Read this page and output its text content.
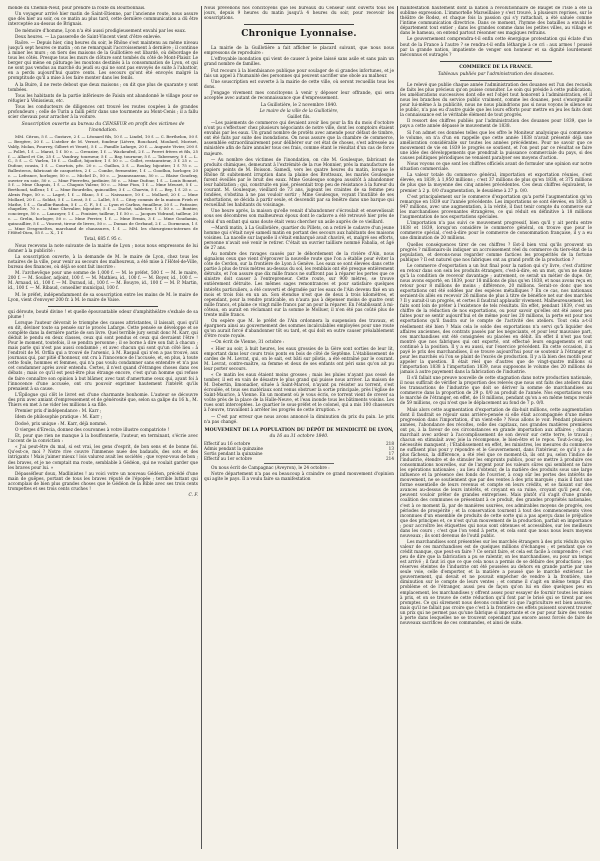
monde du Chemin-Neuf, pour prendre la route du Bourbonnais.

Un voyageur arrivé hier matin de Saint-Etienne, par l'ancienne route, nous assure que dès hier au soir, ou ce matin au plus tard, cette dernière communication a dû être interceptée au-dessus de Brignais.

De mémoire d'homme, Lyon n'a été aussi prodigieusement envahi par les eaux.

Deux heures. — La passerelle de Saint-Vincent vient d'être enlevée.

Raôre. — Depuis hier, cinq heures du soir, le Rhône s'est maintenu au même niveau jusqu'à sept heures ce matin ; on ne remarquait l'accroissement à dernière ; il continue à miner les murs ; on tiers des maisons de la Guillotière est libardé, où débordage de tous les côtés. Presque tous les murs de clôture sont tombés du côté de Mont-Plaisir. Le berger qui mène en pâturage les moutons destinés à la consommation de Lyon, et qui ne sont pas vendus au marché du jeudi ou qui ne sont pas envoyés de suite à l'abattoir, en a perdu aujourd'hui quatre cents. Les secours qu'ont été envoyés malgré la promptitude qu'il a mise à les faire monter dans les fenils.

A la Buire, il ne reste debout que deux maisons ; on dit que plus de quarante y sont tombées.

Tous les habitants de la partie inférieure de Faisin ont abandonné le village pour se réfugier à Vénissieux, etc.

Tous les conducteurs de diligences ont trouvé les routes coupées à de grandes profondeurs ; celle de Turin a failli périr dans une tourmente au Mont-Cenis ; il a fallu scier chevaux pour arracher à la voiture.

Souscription ouverte au bureau du CENSEUR en profit des victimes de l'inondation.

MM. Citron, 5 f. — Gustave, 2 f. — Léonard fils, 10 f. — Lindel, 10 f. — C. Berthelon, 50 f. — Bergère, 20 f. — L'atelier de M. Vernet, fondeur (Lièvre, Bouchard, Moulard, Moriset, Valdy, Molan, Fourrey, Gilbert et Venet), 5 f. — Famille Lafarge, 20 f. — Auguste Vivier, 200 f. — Pollet, 1 f. — Marat, 1 f. 50 c. — Greuzier, 1 f. — Wackeufed, 2 f. — Perret frères et fils, 25 f. — Allard et Cie, 25 f. — Vaudray, tourneur, 5 f. — Bay, tourneur, 5 f. — Tabernery, 5 f. — L. C., 5 f. — C. Varlen, 10 f. — Gaillot, bijoutier, 1 f. 50 c. — Collet, restaurateur, 3 f. 25 c. — Dufour, cousin, 1 f. — Courtois, pêc. 20 c. — Guillon, 2 f. — Roulay, bijoutier, 1 f. 75 c. — Ballesteros, fabricant de casquettes, 2 f. — Combe, fermentier, 1 f. — Goodluu, horloger, 20 c. — Lefrance, horloger, 50 c. — Michel D., 50 c. — Jeanneauzeau, 50 c. — Blaise Goudray, ouvrier en soie, 50 c. — Mme Pierrefeu, jardinier, 50 c. — Mme Dufour, 1 f. — Louis Bonnet, 5 f. — Mme Chapuis, 1 f. — Chapuis Valeur, 50 c. — Mme Pion, 1 f. — Mme Meuset, 5 f. — Berthoud, tailleur, 1 f. — Mme Bourdelin, quincailler, 3 f. — Charvin, 5 f. — Bey, 1 f. 25 c. — Alexis Pape, 50 c. — Lagré, 1 f. — Blanc, 5 f. — Naissance, 10 f. — Mollard, 20 f. — Mme Mollard, 20 f. — Soldat, 5 f. — Lecat, 5 f. — Lallet, 5 f. — Citoy commis de la maison Frieh et Mathe, 1 f. — Gaullin-Baudon, 5 f. — C. F., 5 f. — Lyon et Carlins, émailleur, 20 f. — Patissier, chapelier, 70 c. — Mme Chevalier, bijoutier, 5 f. — Duché, tabletier, 1 f. 50 c. — Boxtier, concierge, 50 c. — Lanzoyer, 1 f. — Pouisier, tailleur, 1 f. 50 c. — Jacques Vidrand, tailleur, 20 c. — Grelin, horloger, 50 c. — Mme Perrier, 1 f. — Mme Ermin, 3 f. — Mme Goudamin, quincaillier, 5 f. — Vincent, tireur de livres, 50 c. — Dumas de Gerbaud, 2 f. — Dormeaux, 1 f. — Mme Desgeneltes, marchand de chaussures, 1 f. — MM. les chirurgiens-internes de l'Hôtel-Dieu, 55 f. — X., 1 f.

Total, 685 f. 95 c.

Nous recevons la note suivante de la mairie de Lyon ; nous nous empressons de lui donner à la publicité :

La souscription ouverte, à la demande de M. le maire de Lyon, chez tous les notaires de la ville, pour venir au secours des malheureux, a été mise à l'Hôtel-de-Ville, bureau des finances, où déjà se sont fait inscrire :

M. l'archevêque pour une somme de 1,000 f. — M. le préfet, 500 f. — M. le maire, 200 f. — M. Soulier, adjoint, 100 f. — M. Mathieu, id., 100 f. — M. Boyer, id., 100 f. — M. Arnaud, id., 100 f. — M. Duraud, id., 100 f. — M. Bouyre, id., 100 f. — M. P. Martin, id., 100 f. — M. Ribaud, conseiller municipal, 100 f.

M. le préfet, indépendamment de sa souscription entre les mains de M. le maire de Lyon, vient d'envoyer 200 fr. à M. le maire de Vaise.

qui déroute, bouté divine ! et quelle épouvantable odeur d'amphithéâtre s'exhale de sa plume !

Lorsque l'auteur dévorait le triomphe des causes attristantes, il laissait, quoi qu'il en dit, déviner toute sa pensée sur le procès Lafarge. Cette pensée se développe et se complète dans la dernière partie de son livre. Quel terrible jury serait donc M. Karr, qui déduit le pendu en deux classes, ceux qui sont pendus et ceux qui devraient l'être ! Pour le moment, toutefois, il se pendra personne ; il se borne à dire son fait à chacun ; mais parle qui n'est pas aussi condamné ; et avec chacun qui sont qu'un côté lieu : à l'endroit de M. Orfila qui a trouvé de l'arsenic, à M. Raspail qui n'en a pas trouvé, aux journaux qui, par pitié d'honneur, ont cru à l'innocence de l'accusée, et, en plus, à toute cette foule, hommes et femmes, qui n'a pas voulu condamner sans entendre et n'a pas cet condamner après avoir entendu. Certes, il n'est quand d'étranges choses dans ces débats ; mais ce qu'il est peut-être plus étrange encore, c'est qu'un homme qui refuse de faire connaître son opinion à but blâmer, avec tant d'amertume ceux qui, ayant foi à l'innocence d'une accusée, ont cru pouvoir exprimer hautement l'intérêt qu'ils prenaient à sa cause.

L'Épilogue qui clôt le livret est d'une charmante bonhomie. L'auteur se découvre des prix avec amiant d'empressement et de générosité que, selon sa galipe du 16 h., M. Thiers en met à ne vider les millions à sa fille.

Premier prix d'indépendance : M. Karr ;

Idem de philosophie pratique : M. Karr ;

Dodoé, prix unique : M. Karr, déjà nommé.

O vierges d'Erecia, donnez des couronnes à votre illustre compatriote !

Et, pour que rien ne manque à la bouffonnerie, l'auteur, en terminant, s'écrie avec l'accent de la conviction :

« J'ai peut-être du mal, si est vrai, les gens d'esprit, de bon sens et de bonne foi. Qu'est-ce, moi ? Notre rive couvre l'immense nuée des badauds, des sots et des intrigants ! Mais j'aimer mieux ! lois valurez avait les sociétés ; que voyez-vous de bon ; des braves, et je ne comptait ma route, semblable à Gédéon, qui ne voulait garder que les braves pour lui. »

Dépasséfleur doux, Madlinistes ! au voici votre un nouveau Gédéon, précédé d'une main de guêpes, portant de tous les braves réputé de l'épopée ; terrible luttant qui accomplais de bien plus grandes choses que le Gédéon de la Bible avec ses trois cents trompettes et ses trois cents cruches !

C. F.

Nous prévenons nos concitoyens que les bureaux du Censeur sont ouverts tous les jours, depuis 9 heures du matin jusqu'à 4 heures du soir, pour recevoir les souscriptions.

Chronique Lyonnaise.

La mairie de la Guillotière a fait afficher le placard suivant, que nous nous empressons de reproduire :

L'effroyable inondation qui vient de causer à peine laissé sans asile et sans pain un grand nombre de familles.

Fut recours à la bienfaisance publique pour soulager de si grandes infortunes, et je fais un appel à l'humanité des personnes qui peuvent sacrifier une obole au malheur.

Une souscription est ouverte à la mairie de cette ville, où seront recueillis tous les dons.

J'engage vivement mes concitoyens à venir y déposer leur offrande, qui sera acceptée avec autant de reconnaissance que d'empressement.

La Guillotière, le 2 novembre 1840.

Le maire de la ville de la Guillotière,

Gaillet fils.

—Les paiements de commerce qui devaient avoir lieu pour la fin du mois d'octobre n'ont pu s'effectuer chez plusieurs négociants de notre ville, dont les comptoirs étaient envahis par les eaux. Un grand nombre de protêts avec amende pour défaut de timbre, ont été faits par suite des inondations. On nous assure que la chambre de commerce, assemblée extraordinairement pour délibérer sur cet état de choses, s'est adressée au ministère afin de faire annuler tous ces frais, comme étant le résultat d'un cas de force majeure.

— Au nombre des victimes de l'inondation, on cite M. Goulesque, fabricant de produits chimiques, demeurant à l'extrémité de la rue Monnier, près la manufacture de papiers peints de M. Boisson. Samedi, vers les quatre heures du matin, lorsque le Rhône fit subitement irruption dans la plaine des Brotteaux, les mariés Goulesque furent éveillés par le bruit des eaux. Mme Goulesque songea aussitôt à abandonner leur habitation ; qui, construite en pisé, présentait trop peu de résistance à la fureur du courant. M. Goulesque, vieillard de 73 ans, jugeant les craintes de sa femme peu fondées, s'obstina à ne pas vouloir sortir ; Mme Goulesque, voyant l'inutilité de ses exhortations, se décida à partir seule, et descendit par sa fenêtre dans une barque qui recueillait les habitants du voisinage.

Une heure après, la maison qu'elle venait d'abandonner s'écroulait et ensevelissait sous ses décombres son malheureux époux dont le cadavre a été retrouvé hier près de celui d'un enfant qui sans doute était venu chercher un asile auprès de ce vieillard.

—Mardi matin, à La Guillotière, quartier du Pillets, on a retiré le cadavre d'un jeune homme qui s'était noyé samedi matin en portant des secours aux habitants des maisons voisines. La nacelle sur laquelle il s'était embarqué avait chaviré, et, malgré ses efforts, personne n'avait osé venir le retirer. C'était un ouvrier taillisre nommé Fabalia, et âgé de 27 ans.

Au nombre des ravages causés par le débordement de la rivière d'Ain, nous signalons ceux que vient d'éprouver la nouvelle route que l'on a établie pour éviter la côte de Cerdon, sur la frontière de Lyon à Genève. Les eaux se sont élevées dans cette partie à plus de trois mètres au-dessus du sol, les remblais ont été presque entièrement détruits, et l'on assure que dix mille francs ne suffiront pas à réparer les pertes que ce sinistre doit causer à l'entrepreneur. Cette route, sur 900 mètres, se trouve entièrement détruite. Les mêmes sages remontrances et pour satisfaire quelques intérêts particuliers, a été converti et dégradée par les eaux de l'Ain devenu fixé en un mois et trois fois en un an. Son étendue n'est que de deux à trois kilomètres, et cependant, pour la rendre praticable, on n'aura pas à dépenser moins de quatre cent mille francs, et plaine ce vingt mille francs par an pour la réparer. En l'établissant à mi-côteau, on aurait en réclamant sur la somme le Molluer, il n'en été pas coûté plus de trente mille francs.

On espère que M. le préfet de l'Ain ordonnera la suspension des travaux, et épargnera ainsi au gouvernement des sommes incalculables employées pour une route qu'on aurait forcé d'abandonner tôt ou tard, et qui doit en outre causer préalablement d'être route royale.

—On écrit de Vienne, 31 octobre :

« Hier au soir, à huit heures, les eaux grossies de la Gère sont sorties de leur lit, emportant dans leur cours trois ponts en bois de côté de Septême. L'établissement de cardes de M. Levrat, qui, on le sait, est bâti sur pilotis, a été entraîné par le courant. M. Levrat, contre-maître, sa femme et deux de ses enfants ont péri sans qu'on ait pu leur porter secours.

« Ce matin les eaux étaient moins grosses ; mais les pluies n'ayant pas cessé de tomber, il est en vain de désastre le plus grand qui puisse nous arriver. La maison de M. Debertin, limonadier, située à Saint-Marcel, n'ayant pu résister au torrent, s'est écroulée, et tous ses matériaux sont venus obstruer la sortie principale, près l'église de Saint-Maurice, à Vienne. En un moment où je vous écris, ce torrent vient de crever sa voûte près de la place de la Halle-Neuve, et l'eau inonde tous les bâtiments voisins. Les rues sont interceptées. Le quartier le sous-préfet et le colonel, qui a mis 100 chasseurs à l'œuvre, travaillent à arrêter les progrès de cette irruption. »

— C'est par erreur que nous avons annoncé la diminution du prix du pain. Le prix n'a pas changé.

MOUVEMENT DE LA POPULATION DU DÉPÔT DE MENDICITÉ DE LYON,
du 16 au 31 octobre 1840.
Effectif au 16 octobre	218
Admis pendant la quinzaine	13
Sortis pendant la quinzaine	17
Effectif au 1er octobre	214

On nous écrit de Campagnac (Aveyron), le 24 octobre :

Notre département n'a pas eu beaucoup à craindre ce grand mouvement d'opinion qui agite le pays. Il a voulu faire sa manifestation

manifestation hautement dont la nation a révolutionnaire de Bauget de l'Isle a été la sublime expression. L'immortelle Marseillaise y s'est trouvé, à plusieurs reprises, sur le théâtre de Rodez, et chaque fois la passion qui s'y rattachait, a été saluée comme l'intime communication directrice. Dans ce moment, l'hymne des batailles a envahi le département tout entier ; dans les grandes comme dans les petites villes, au village et dans le hameau, on entend partout résonner ses magiques refrains.

Le gouvernement comprendra-t-il enfin cette énergique protestation qui éclate d'un bout de la France à l'autre ? se rendra-t-il enfin léthargie à ce cri : aux armes ! poussé par la grande nation, impatiente de venger son honneur et sa dignité lourdement méconnus et outragés ?

COMMERCE DE LA FRANCE.
Tableaux publiés par l'administration des douanes.

Le relevé que publie chaque année l'administration des douanes est l'un des recueils de faits les plus précieux qu'on puisse consulter. Le soin qui préside à cette publication, les améliorations successives dont elle est l'objet tout honorent à l'administration, et il nous les branches du service public vraiment, comme les douanes, peut s'enorgueillir pour lui-même à la publicité, nous ne nous plaindrions pas si nous voyons le silence ou le public, n'a pas eu d'autre guide que les lours efforts pour mettre en jeu les faits dont la connaissance est le véritable élément de tout progrès.

Il ressort des chiffres publiés par l'administration des douanes pour 1839, que le pays a cette année dépassé le mouvement de 1838.

Si l'on admet ces données telles que les offre le Moniteur analysique qui commence le volume, on n'a d'un en rappelle que cette année 1838 n'avait présenté déjà une amélioration considérable sur toutes les années précédentes. Pour ne savoir que ce mouvement de vie en 1839 le progrès se soutient, et l'on peut par ce résultat se faire une idée des développements que prendrait la puissance commerciale du pays, si des causes politiques périodiques ne venaient paralyser ses moyens d'action.

Nous voyons ce que sont les chiffres officiels avant de formuler une opinion sur notre situation commerciale.

La valeur totale du commerce général, importation et exportation réunies, s'est élevée, en 1839, à 1,950 millions ; c'est 37 millions de plus qu'en 1838, et 375 millions de plus que la moyenne des cinq années précédentes. Ces deux chiffres équivalent, le premier à 2 p. 0/0 d'augmentation, le deuxième à 27 p. 0/0.

C'est principalement sur le commerce d'exportation qu'a porté l'augmentation qu'on remarque en 1839 sur l'année précédente. Les importations se sont élevées, en 1839, à 947 millions, avec une augmentation, à la vérité, il faut tenir compte du commerce sur les marchandises provenantes étrangères, ce qui réduit en définitive à 18 millions l'augmentation de nos exportations spéciales.

L'importation n'a pas suivi ce mouvement progressif, bien qu'il y ait perdu entre 1838 et 1839, lorsqu'on considère le commerce général, on trouve que pour le commerce spécial, c'est-à-dire pour le commerce de consommation française, il y a eu une diminution de 20 millions.

Quelles conséquences tirer de ces chiffres ? Est-il bien vrai qu'ils prouvent un progrès ? millionairs-ils indiquer un accroissement réel du commerce du tiers-état de la population, et devons-nous regarder comme factices les prospérités de la fortune publique ? Il est naturel que nos fabriques ont au grand profit de la production ?

Le commerce d'exportation a un but final pour la nation qui s'y livre, c'est d'attirer en retour dans son sein les produits étrangers, c'est-à-dire, en un mot, qu'on ne donne qu'à la condition de recevoir davantage ; autrement, ce serait un métier de dupe. Or, nous avons exporté, en 1839, pour 18 millions de plus qu'en 1838, et nous avons reçu en retour pour 8 millions de moins ; différence, 20 millions. Serait-ce donc que nos exportations ont été soldées par des espèces métalliques ? En ce cas, nos nationaux seraient-ils allés en recevoir 26 millions de plus à titre de bénéfice net sur des marchés ? Il y aurait-il un progrès, et certes il faudrait applaudir vivement. Malheureusement, les faits sont loin de prêter à l'existence de tels résultats. En effet, pendant 1839, c'est un chiffre de la réduction de nos exportations, ou pour savoir qu'elles ont été assez peu faites pour se sentir aujourd'hui et de même pour les 20 millions, la perte est pour nos exportations qu'il faudra sur le compte de l'activité des ateliers. Tout cela a-t-il réellement été bien ? Mais cela le solde des exportations n'a servi qu'à liquider des affaires anciennes, des contrats passés par les négociants, et pour leur mauvaise part, ces marchandises ont été consignées ou placées en débit. En effet il n'est pas tout montré que nos fabriques qui ont exporté, ont effectué leurs engagements et ont continué à la position. Il y a eu aussi, sur l'exercice précédent. En cette occasion, il a payé le prix des marchandises, il se trouve aujourd'hui pour se soutenir à l'étranger et pour les marchés où l'on se plaint de l'excès de production. Il y a là bien des motifs pour appeler la question. Il était réel que d'autres que de vingt-quatre millions si l'importation 1838 à l'importation 1839, nous supposons le volume des 20 millions de jamais à autre payement dans la fabrication de l'industrie.

Il s'il fallait une preuve nouvelle de cette stagnation dans notre production nationale, il nous suffirait de vérifier la proportion des relevés que nous ont faits des ateliers dans les transactions de l'industrie que doit se dériver la somme de marchandises au commerce dans la proportion de 29 p. 0/0 au produit de l'année. Nos exportations vers le marché de l'étranger, en effet, de 18 millions, pendant qu'on a en même temps reculé de 59 millions, ce qui n'est que le déplacement au fond de 7 p. 0/0.

Mais alors cette augmentation d'exportation de dix-huit millions, cette augmentation dont il faudrait se réjouir sans arrière-pensée si elle était accompagnée d'une même progression dans l'importation, d'un vient-elle ? Nous allons le voir. Pendant plusieurs années, l'abondance des récoltes, celle des capitaux, nos grandes matières premières ont pu, à la faveur de ces circonstances en grande importation aux affaires ; chacun marchait avec ardeur à l'accomplissement de son devoir sur cette terre, le travail ; chacun en stimulait avec joie la récompense, le bien-être et le repos. Tout-à-coup, les nécessités manquent ; l'Établissement en effet, les ministres, les mesures du commerce ne suffisent plus pour y répondre et le Gouvernement, dans l'intérieur, ce qu'il y a de plus fâcheux, la différence, a été réel que ce moment-là, ils ont pu, selon l'indice de l'industrie, étendre et de stimuler les emprunts publics, pour se mettre à produire ces consommations nouvelles, sur de l'argent pour les valeurs sûres qui semblent se faire les opérations nationales ; au lieu d'obtenir, de la matière des produits sous une large influence et la présence des fonds de l'ouvrier, à coup sûr les pertes des intérêts de mouvement, ne se soutiennent que par des ventes à des prix marqués ; mais il faut une forme essentielle de leurs revenus et compte en leurs crédits, et se faisant sur des avances au-dessus de leurs intérêts, et croyant en sa ruine, croyant qu'il peut s'en, peuvent vouloir prêter de grandes entreprises. Mais plutôt s'il s'agit d'une grande coalition des communes se présentant à ce produit, des grandes propriétés nationales, c'est à ce moment là, par de manières usurées, ces admirables moyens de progrès, ces périodes de prospérité ; et la conservation tournent à tout des commencements vives inconnues d'un ensemble de produits de cette sorte qui a pas aperçu dans le préjudice que des principes et, ce n'est qu'un mouvement de la production, parfait en importance ; pour accroître les étiquettes qui nous sont obtenues et accessibles, sur les meilleurs dans les cours ; c'est que l'on vend à perte, et cela sont que nous nous leurs moyens nouveaux ; ils sont devenus de l'outil public.

Les marchandises sont présentées sur les marchés étrangers à des prix réduits qu'en valeur de ces marchandises est de quelques millions d'échanges ; et pendant que ce crédit manque, que peut-on faire ? Ce serait faire, et cela est facile à comprendre ; c'est peu de dire que la fabrication a pu se ralentir, on les marchandises, ou pour un temps est arrivé ; il faut ici que ce que cela nous a permis de se défaire des productions ; les réserves éteintes de l'industrie ont été poussées au dehors en grande partie par une seule voie, celle d'emporter, et la matière a poussé que le marché extérieur. Le gouvernement, qui devait et ne pouvait empêcher de vendre à la frontière, une diminution sur le compte de leurs ventes ; et comme il s'agit en même temps d'un problème et de l'étranger, aussi peu de façon qu'on lui en dise quelques peu en emplacement, les marchandises y offrent assez pour essayer de fournir toutes les mises à prix, et on se trouve de cette réduction qu'il font par le brisé qui se tirent par ses promptes. Ce qui sûrement nous devons combler ici que l'agriculture est bien assurée, mais qu'il ne fallait pas croire que c'est à la frontière ces effets puissent souvent trouver un prix qui ne permet pas qu'une fabrique si importante et ce pur pour faire des ventes à perte dans lesquelles ne se trouvent cependant pas encore assez forcés de faire de nouveaux sacrifices de ces commandes, et ainsi de suite.
